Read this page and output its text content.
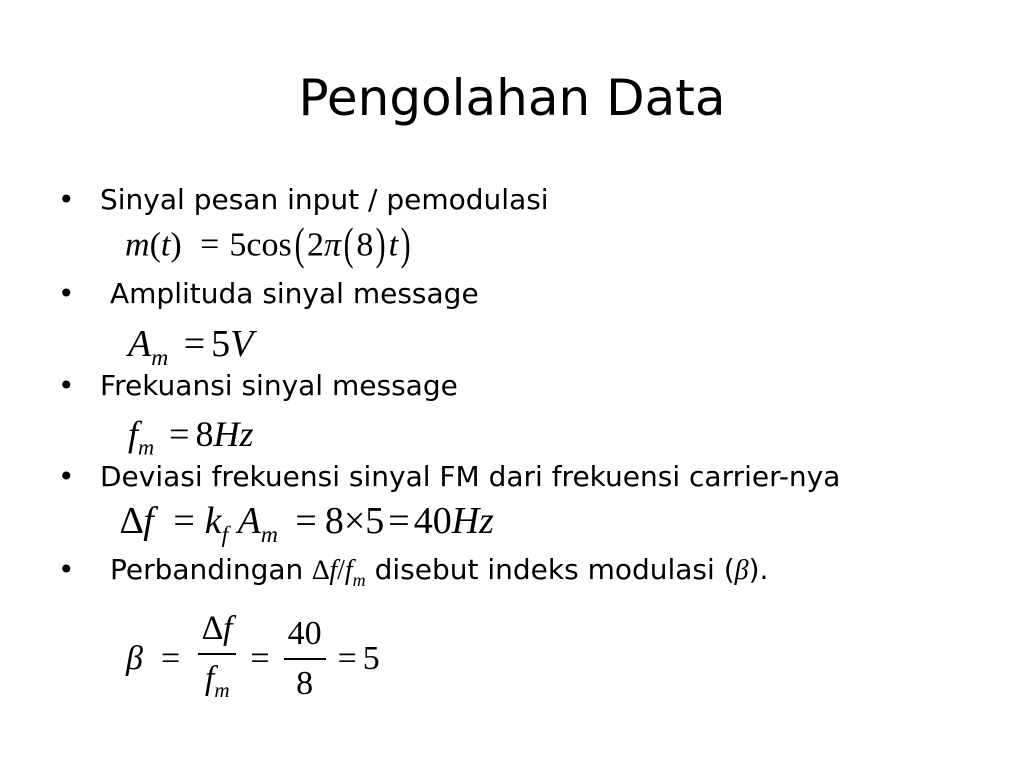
Pengolahan Data
• Sinyal pesan input / pemodulasi
m(t) = 5cos(2π(8)t)
• Amplituda sinyal message
$A_m = 5V$
• Frekuansi sinyal message
$f_m = 8Hz$
• Deviasi frekuensi sinyal FM dari frekuensi carrier-nya
$\Delta f = k_f$ $A_m = 8\times 5 = 40Hz$
• Perbandingan $\Delta f/f_m$ disebut indeks modulasi (β).
$\beta = \frac{\Delta f}{f_m} = \frac{40}{8} = 5$
